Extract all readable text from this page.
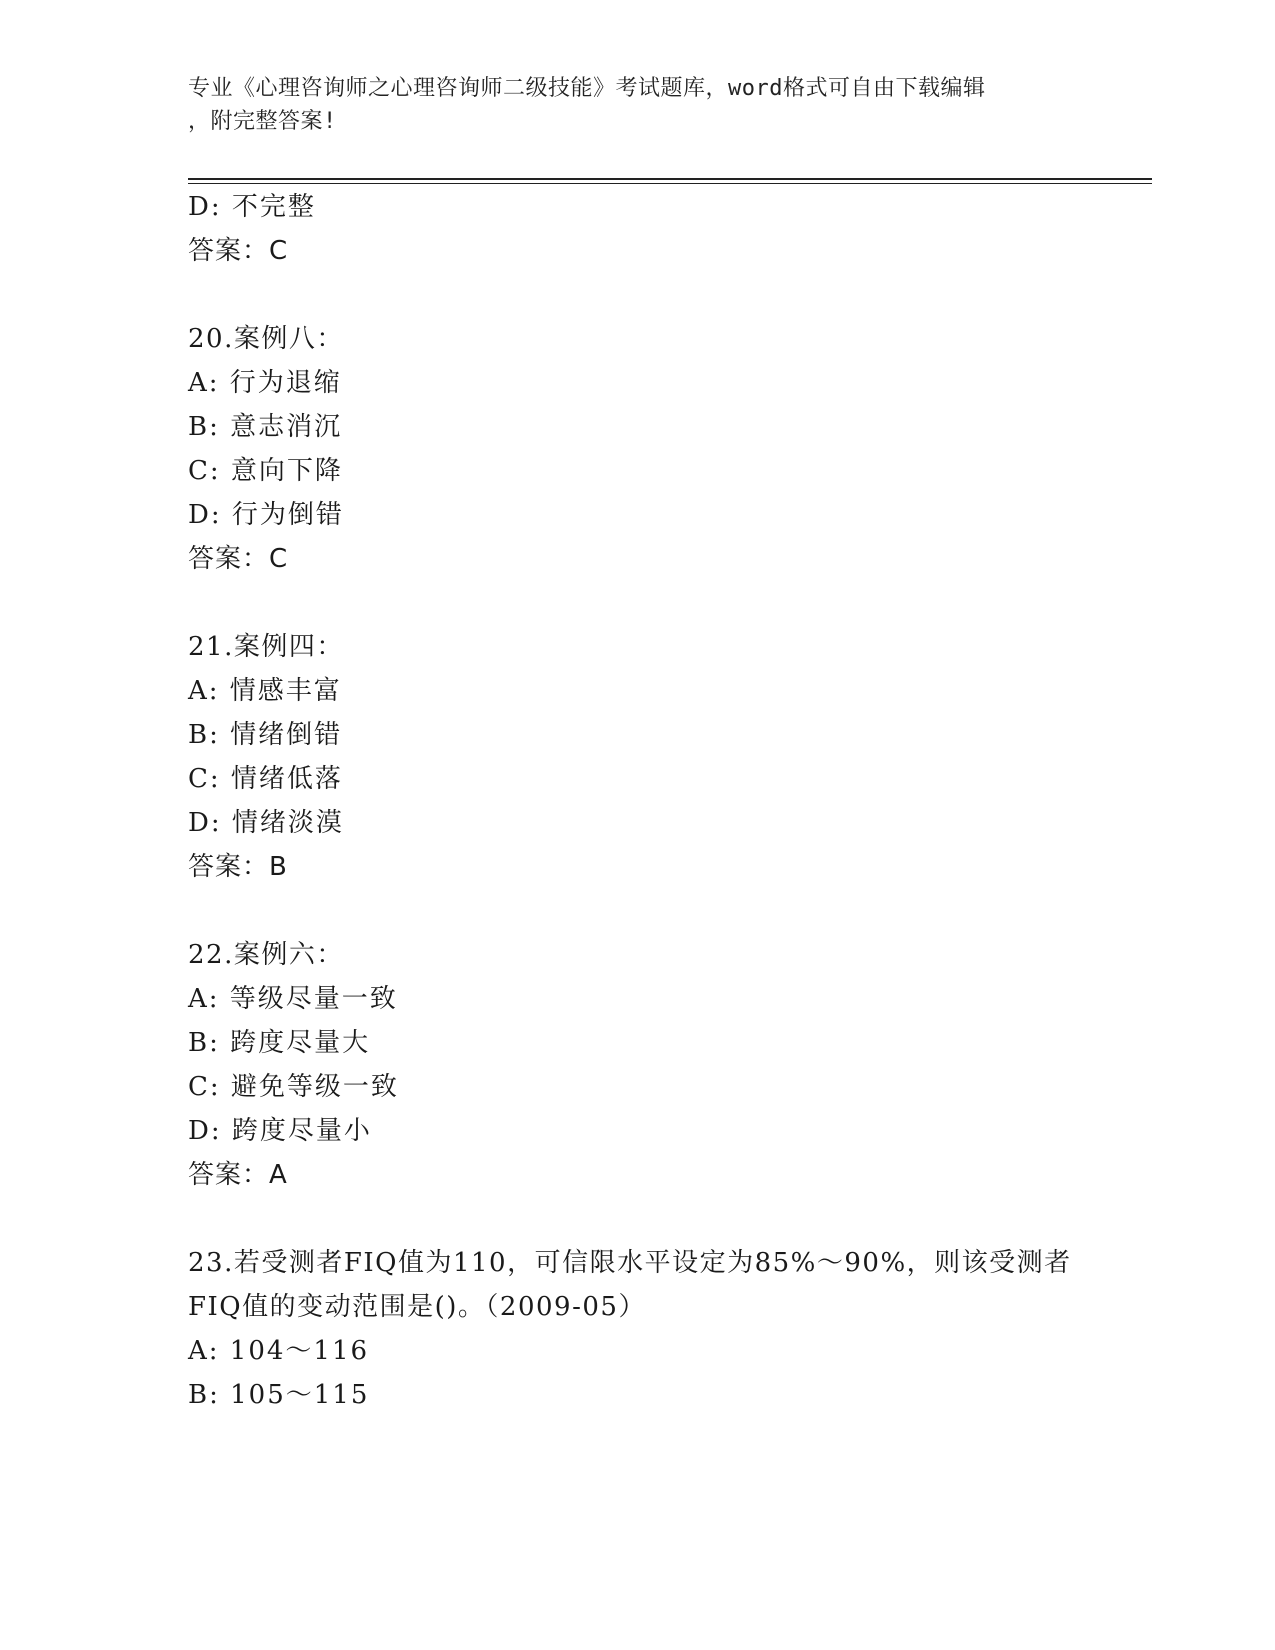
专业《心理咨询师之心理咨询师二级技能》考试题库，word格式可自由下载编辑
，附完整答案!
D: 不完整
答案：C
20.案例八：
A: 行为退缩
B: 意志消沉
C: 意向下降
D: 行为倒错
答案：C
21.案例四：
A: 情感丰富
B: 情绪倒错
C: 情绪低落
D: 情绪淡漠
答案：B
22.案例六：
A: 等级尽量一致
B: 跨度尽量大
C: 避免等级一致
D: 跨度尽量小
答案：A
23.若受测者FIQ值为110，可信限水平设定为85%～90%，则该受测者
FIQ值的变动范围是()。（2009-05）
A: 104～116
B: 105～115
